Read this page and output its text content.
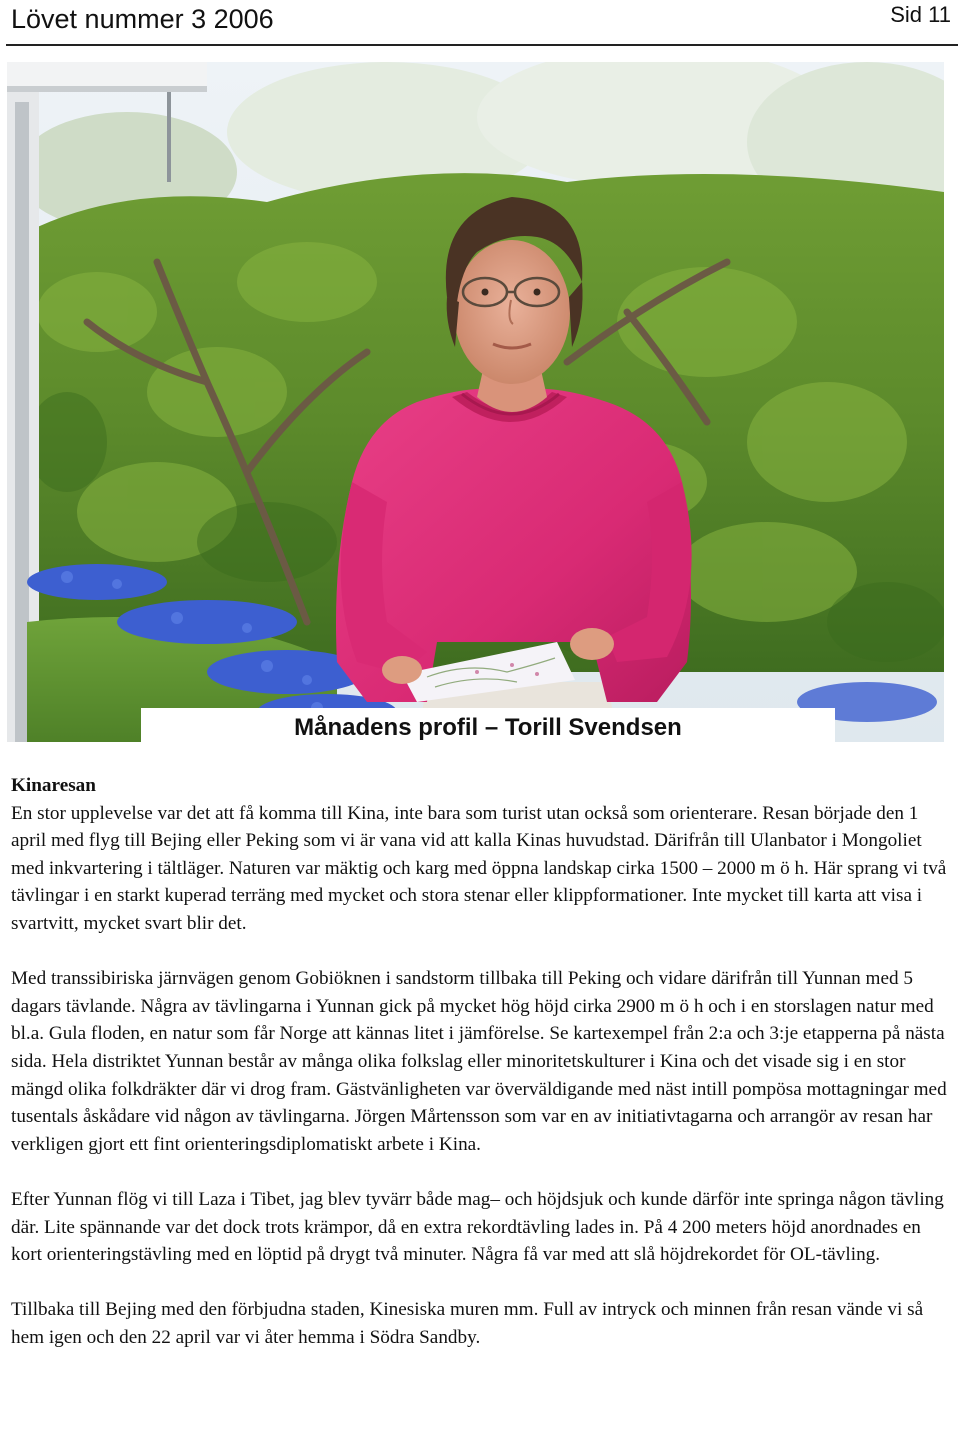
Lövet nummer 3 2006	Sid 11
Månadens profil – Torill Svendsen
Kinaresan

En stor upplevelse var det att få komma till Kina, inte bara som turist utan också som orienterare. Resan började den 1 april med flyg till Bejing eller Peking som vi är vana vid att kalla Kinas huvudstad. Därifrån till Ulanbator i Mongoliet med inkvartering i tältläger. Naturen var mäktig och karg med öppna landskap cirka 1500 – 2000 m ö h. Här sprang vi två tävlingar i en starkt kuperad terräng med mycket och stora stenar eller klippformationer. Inte mycket till karta att visa i svartvitt, mycket svart blir det.

Med transsibiriska järnvägen genom Gobiöknen i sandstorm tillbaka till Peking och vidare därifrån till Yunnan med 5 dagars tävlande. Några av tävlingarna i Yunnan gick på mycket hög höjd cirka 2900 m ö h och i en storslagen natur med bl.a. Gula floden, en natur som får Norge att kännas litet i jämförelse. Se kartexempel från 2:a och 3:je etapperna på nästa sida. Hela distriktet Yunnan består av många olika folkslag eller minoritetskulturer i Kina och det visade sig i en stor mängd olika folkdräkter där vi drog fram. Gästvänligheten var överväldigande med näst intill pompösa mottagningar med tusentals åskådare vid någon av tävlingarna. Jörgen Mårtensson som var en av initiativtagarna och arrangör av resan har verkligen gjort ett fint orienteringsdiplomatiskt arbete i Kina.

Efter Yunnan flög vi till Laza i Tibet, jag blev tyvärr både mag– och höjdsjuk och kunde därför inte springa någon tävling där. Lite spännande var det dock trots krämpor, då en extra rekordtävling lades in. På 4 200 meters höjd anordnades en kort orienteringstävling med en löptid på drygt två minuter. Några få var med att slå höjdrekordet för OL-tävling.

Tillbaka till Bejing med den förbjudna staden, Kinesiska muren mm. Full av intryck och minnen från resan vände vi så hem igen och den 22 april var vi åter hemma i Södra Sandby.
